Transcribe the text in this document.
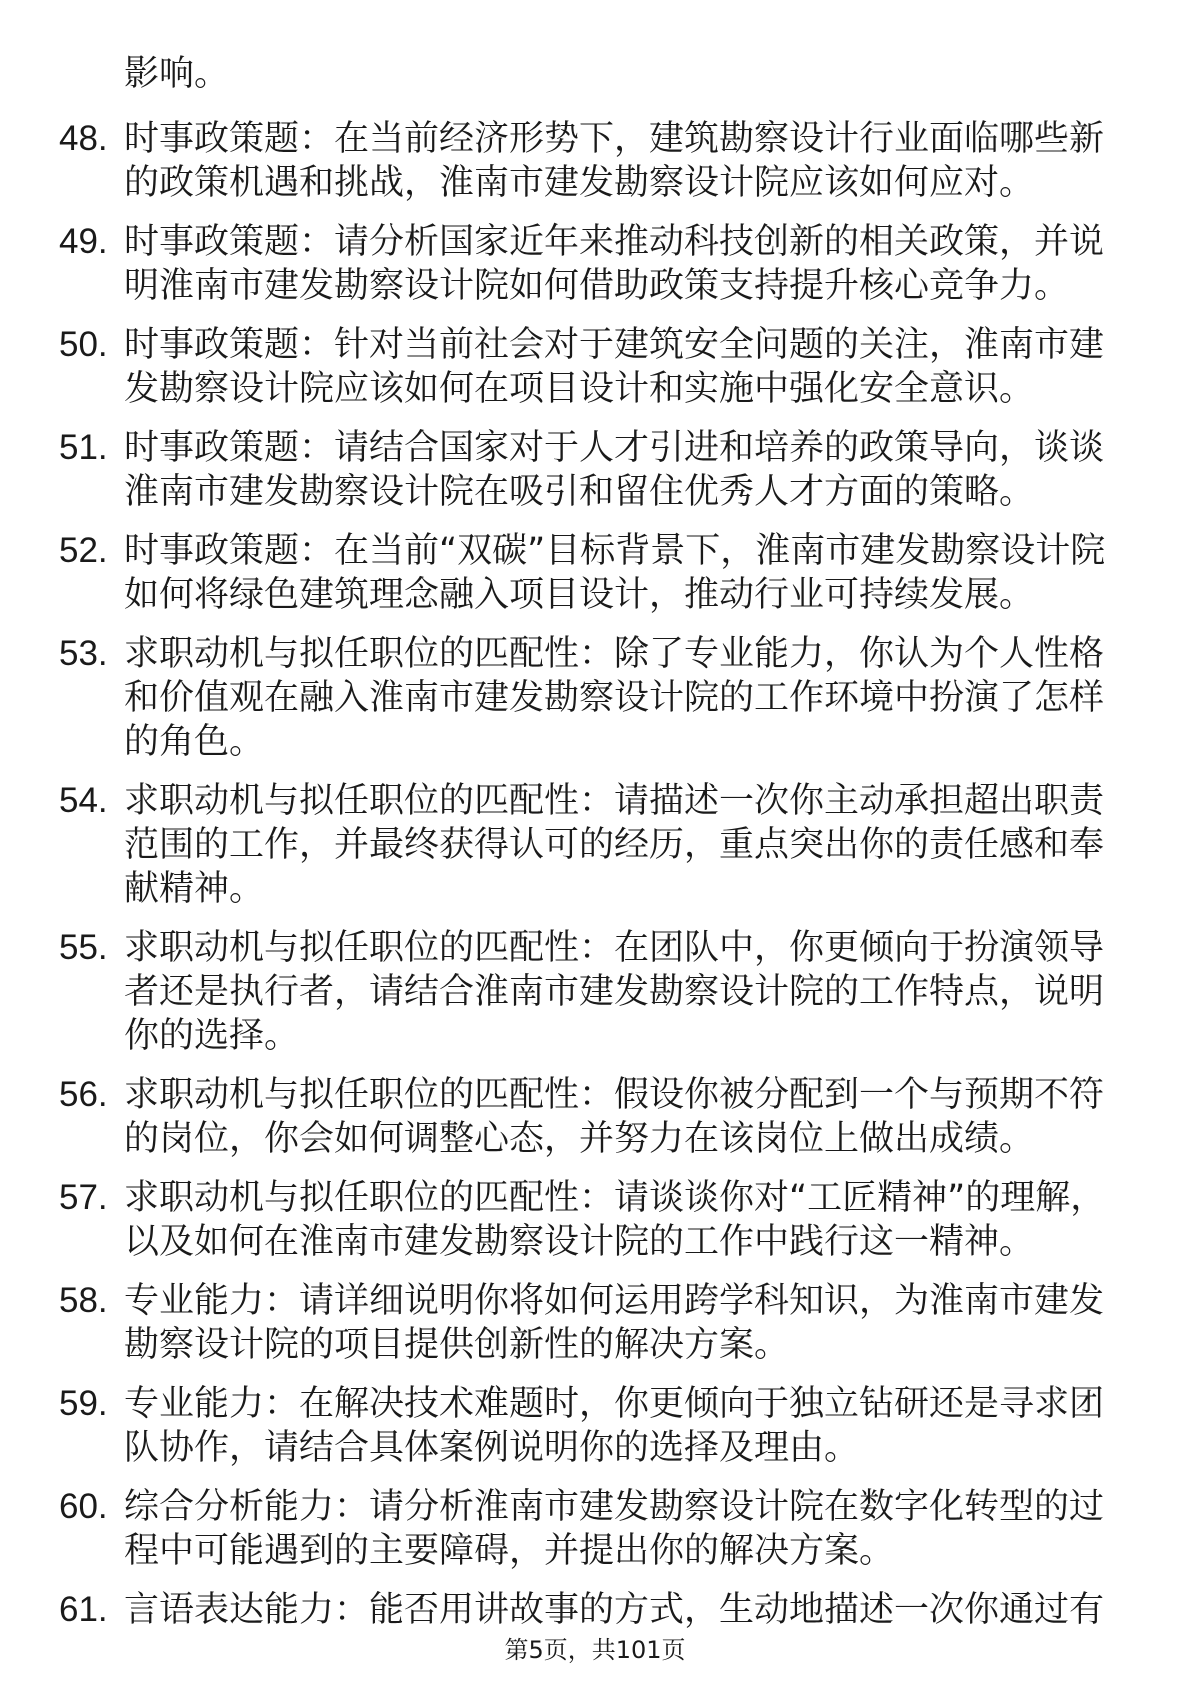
影响。
48. 时事政策题：在当前经济形势下，建筑勘察设计行业面临哪些新
的政策机遇和挑战，淮南市建发勘察设计院应该如何应对。
49. 时事政策题：请分析国家近年来推动科技创新的相关政策，并说
明淮南市建发勘察设计院如何借助政策支持提升核心竞争力。
50. 时事政策题：针对当前社会对于建筑安全问题的关注，淮南市建
发勘察设计院应该如何在项目设计和实施中强化安全意识。
51. 时事政策题：请结合国家对于人才引进和培养的政策导向，谈谈
淮南市建发勘察设计院在吸引和留住优秀人才方面的策略。
52. 时事政策题：在当前“双碳”目标背景下，淮南市建发勘察设计院
如何将绿色建筑理念融入项目设计，推动行业可持续发展。
53. 求职动机与拟任职位的匹配性：除了专业能力，你认为个人性格
和价值观在融入淮南市建发勘察设计院的工作环境中扮演了怎样
的角色。
54. 求职动机与拟任职位的匹配性：请描述一次你主动承担超出职责
范围的工作，并最终获得认可的经历，重点突出你的责任感和奉
献精神。
55. 求职动机与拟任职位的匹配性：在团队中，你更倾向于扮演领导
者还是执行者，请结合淮南市建发勘察设计院的工作特点，说明
你的选择。
56. 求职动机与拟任职位的匹配性：假设你被分配到一个与预期不符
的岗位，你会如何调整心态，并努力在该岗位上做出成绩。
57. 求职动机与拟任职位的匹配性：请谈谈你对“工匠精神”的理解，
以及如何在淮南市建发勘察设计院的工作中践行这一精神。
58. 专业能力：请详细说明你将如何运用跨学科知识，为淮南市建发
勘察设计院的项目提供创新性的解决方案。
59. 专业能力：在解决技术难题时，你更倾向于独立钻研还是寻求团
队协作，请结合具体案例说明你的选择及理由。
60. 综合分析能力：请分析淮南市建发勘察设计院在数字化转型的过
程中可能遇到的主要障碍，并提出你的解决方案。
61. 言语表达能力：能否用讲故事的方式，生动地描述一次你通过有
第5页，共101页
